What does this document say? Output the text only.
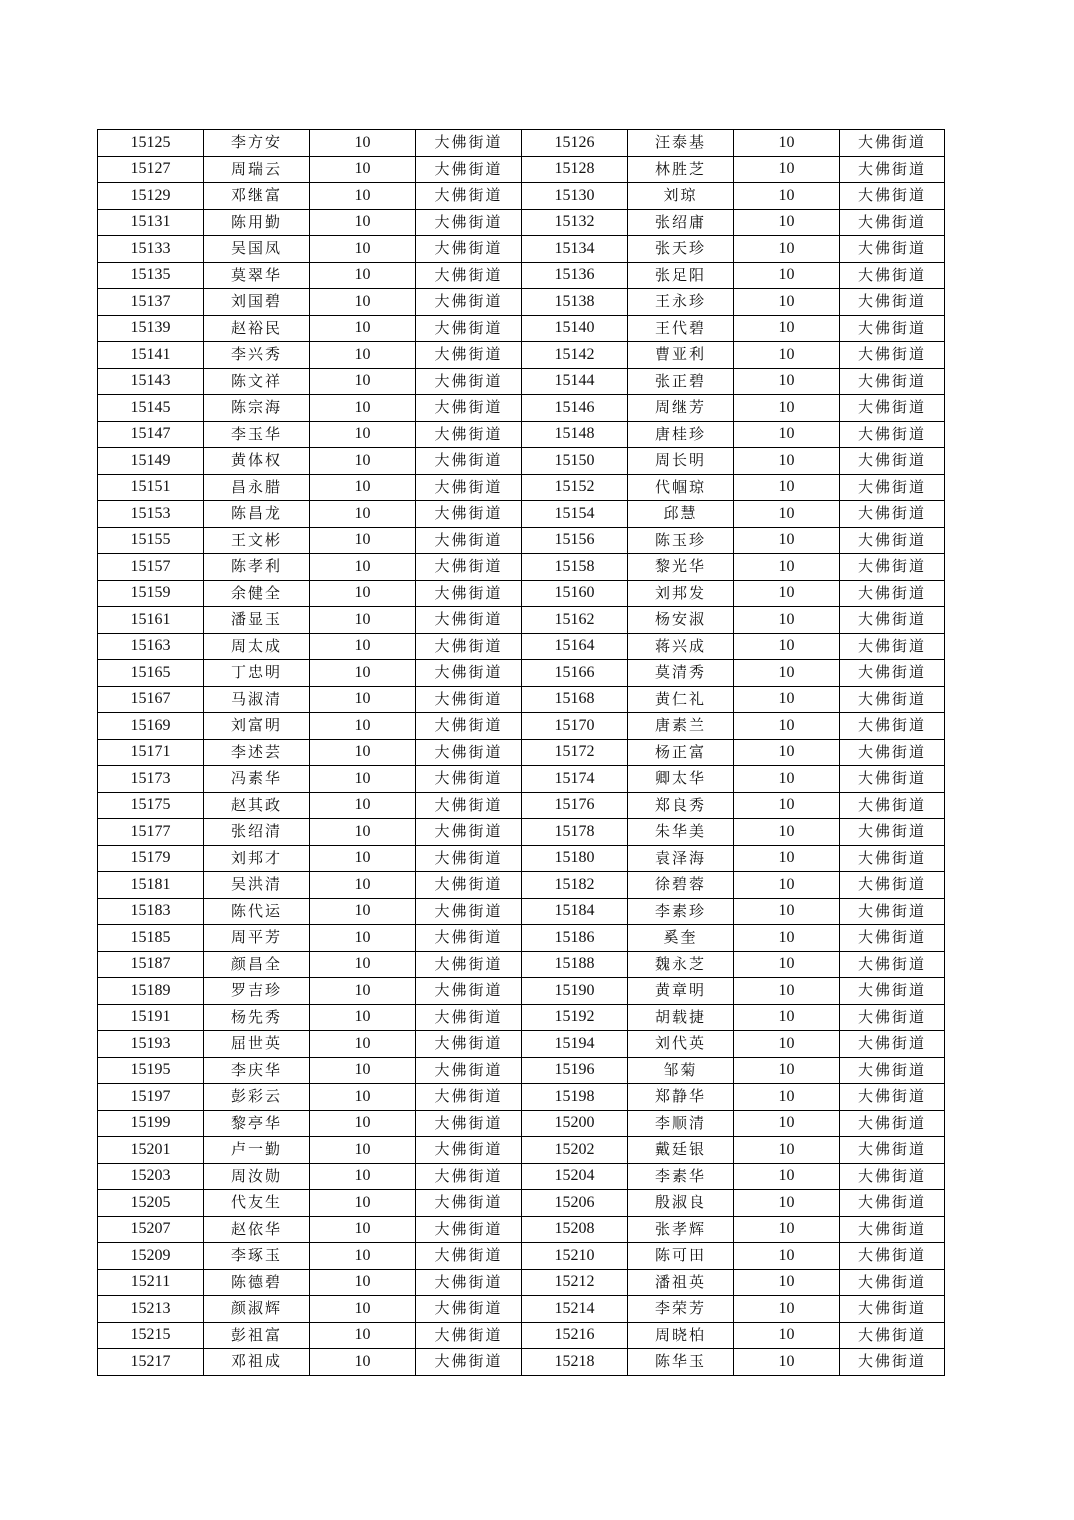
15125	李方安	10	大佛街道	15126	汪泰基	10	大佛街道
15127	周瑞云	10	大佛街道	15128	林胜芝	10	大佛街道
15129	邓继富	10	大佛街道	15130	刘琼	10	大佛街道
15131	陈用勤	10	大佛街道	15132	张绍庸	10	大佛街道
15133	吴国凤	10	大佛街道	15134	张天珍	10	大佛街道
15135	莫翠华	10	大佛街道	15136	张足阳	10	大佛街道
15137	刘国碧	10	大佛街道	15138	王永珍	10	大佛街道
15139	赵裕民	10	大佛街道	15140	王代碧	10	大佛街道
15141	李兴秀	10	大佛街道	15142	曹亚利	10	大佛街道
15143	陈文祥	10	大佛街道	15144	张正碧	10	大佛街道
15145	陈宗海	10	大佛街道	15146	周继芳	10	大佛街道
15147	李玉华	10	大佛街道	15148	唐桂珍	10	大佛街道
15149	黄体权	10	大佛街道	15150	周长明	10	大佛街道
15151	昌永腊	10	大佛街道	15152	代帼琼	10	大佛街道
15153	陈昌龙	10	大佛街道	15154	邱慧	10	大佛街道
15155	王文彬	10	大佛街道	15156	陈玉珍	10	大佛街道
15157	陈孝利	10	大佛街道	15158	黎光华	10	大佛街道
15159	余健全	10	大佛街道	15160	刘邦发	10	大佛街道
15161	潘显玉	10	大佛街道	15162	杨安淑	10	大佛街道
15163	周太成	10	大佛街道	15164	蒋兴成	10	大佛街道
15165	丁忠明	10	大佛街道	15166	莫清秀	10	大佛街道
15167	马淑清	10	大佛街道	15168	黄仁礼	10	大佛街道
15169	刘富明	10	大佛街道	15170	唐素兰	10	大佛街道
15171	李述芸	10	大佛街道	15172	杨正富	10	大佛街道
15173	冯素华	10	大佛街道	15174	卿太华	10	大佛街道
15175	赵其政	10	大佛街道	15176	郑良秀	10	大佛街道
15177	张绍清	10	大佛街道	15178	朱华美	10	大佛街道
15179	刘邦才	10	大佛街道	15180	袁泽海	10	大佛街道
15181	吴洪清	10	大佛街道	15182	徐碧蓉	10	大佛街道
15183	陈代运	10	大佛街道	15184	李素珍	10	大佛街道
15185	周平芳	10	大佛街道	15186	奚奎	10	大佛街道
15187	颜昌全	10	大佛街道	15188	魏永芝	10	大佛街道
15189	罗吉珍	10	大佛街道	15190	黄章明	10	大佛街道
15191	杨先秀	10	大佛街道	15192	胡载捷	10	大佛街道
15193	屈世英	10	大佛街道	15194	刘代英	10	大佛街道
15195	李庆华	10	大佛街道	15196	邹菊	10	大佛街道
15197	彭彩云	10	大佛街道	15198	郑静华	10	大佛街道
15199	黎亭华	10	大佛街道	15200	李顺清	10	大佛街道
15201	卢一勤	10	大佛街道	15202	戴廷银	10	大佛街道
15203	周汝勋	10	大佛街道	15204	李素华	10	大佛街道
15205	代友生	10	大佛街道	15206	殷淑良	10	大佛街道
15207	赵依华	10	大佛街道	15208	张孝辉	10	大佛街道
15209	李琢玉	10	大佛街道	15210	陈可田	10	大佛街道
15211	陈德碧	10	大佛街道	15212	潘祖英	10	大佛街道
15213	颜淑辉	10	大佛街道	15214	李荣芳	10	大佛街道
15215	彭祖富	10	大佛街道	15216	周晓柏	10	大佛街道
15217	邓祖成	10	大佛街道	15218	陈华玉	10	大佛街道
